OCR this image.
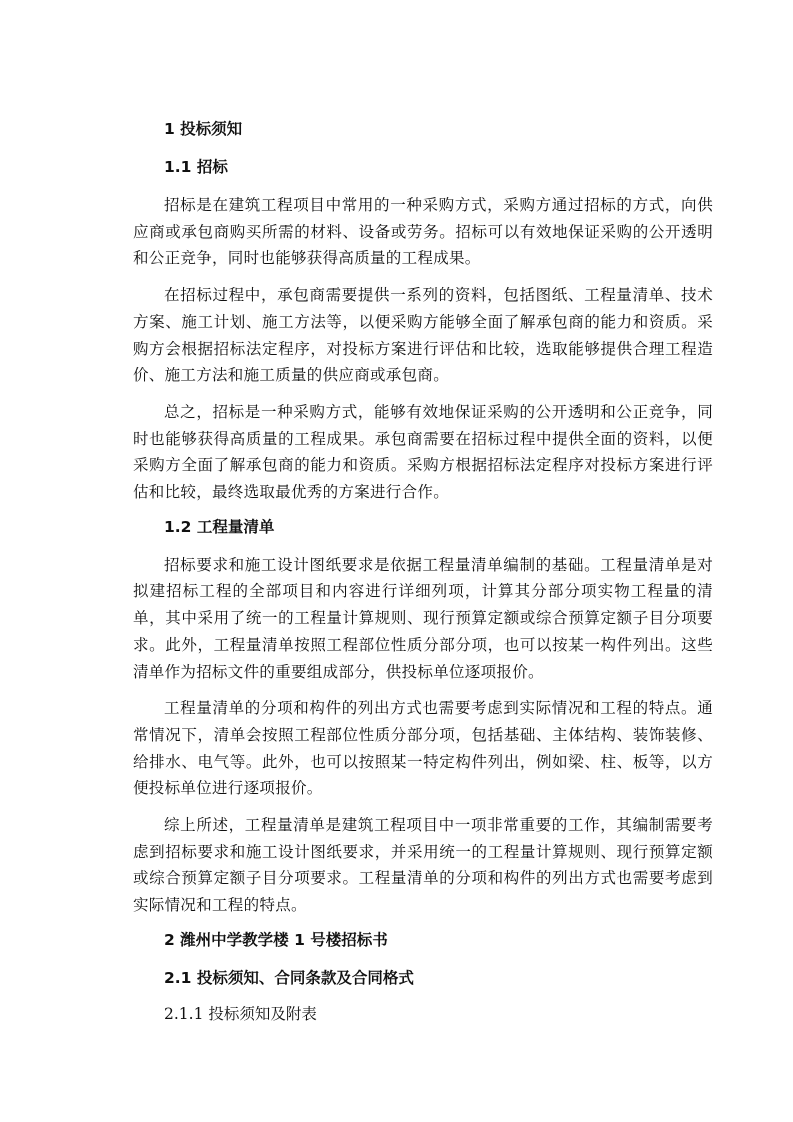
1 投标须知
1.1 招标

招标是在建筑工程项目中常用的一种采购方式，采购方通过招标的方式，向供应商或承包商购买所需的材料、设备或劳务。招标可以有效地保证采购的公开透明和公正竞争，同时也能够获得高质量的工程成果。

在招标过程中，承包商需要提供一系列的资料，包括图纸、工程量清单、技术方案、施工计划、施工方法等，以便采购方能够全面了解承包商的能力和资质。采购方会根据招标法定程序，对投标方案进行评估和比较，选取能够提供合理工程造价、施工方法和施工质量的供应商或承包商。

总之，招标是一种采购方式，能够有效地保证采购的公开透明和公正竞争，同时也能够获得高质量的工程成果。承包商需要在招标过程中提供全面的资料，以便采购方全面了解承包商的能力和资质。采购方根据招标法定程序对投标方案进行评估和比较，最终选取最优秀的方案进行合作。

1.2 工程量清单

招标要求和施工设计图纸要求是依据工程量清单编制的基础。工程量清单是对拟建招标工程的全部项目和内容进行详细列项，计算其分部分项实物工程量的清单，其中采用了统一的工程量计算规则、现行预算定额或综合预算定额子目分项要求。此外，工程量清单按照工程部位性质分部分项，也可以按某一构件列出。这些清单作为招标文件的重要组成部分，供投标单位逐项报价。

工程量清单的分项和构件的列出方式也需要考虑到实际情况和工程的特点。通常情况下，清单会按照工程部位性质分部分项，包括基础、主体结构、装饰装修、给排水、电气等。此外，也可以按照某一特定构件列出，例如梁、柱、板等，以方便投标单位进行逐项报价。

综上所述，工程量清单是建筑工程项目中一项非常重要的工作，其编制需要考虑到招标要求和施工设计图纸要求，并采用统一的工程量计算规则、现行预算定额或综合预算定额子目分项要求。工程量清单的分项和构件的列出方式也需要考虑到实际情况和工程的特点。

2 潍州中学教学楼 1 号楼招标书
2.1 投标须知、合同条款及合同格式
2.1.1 投标须知及附表
